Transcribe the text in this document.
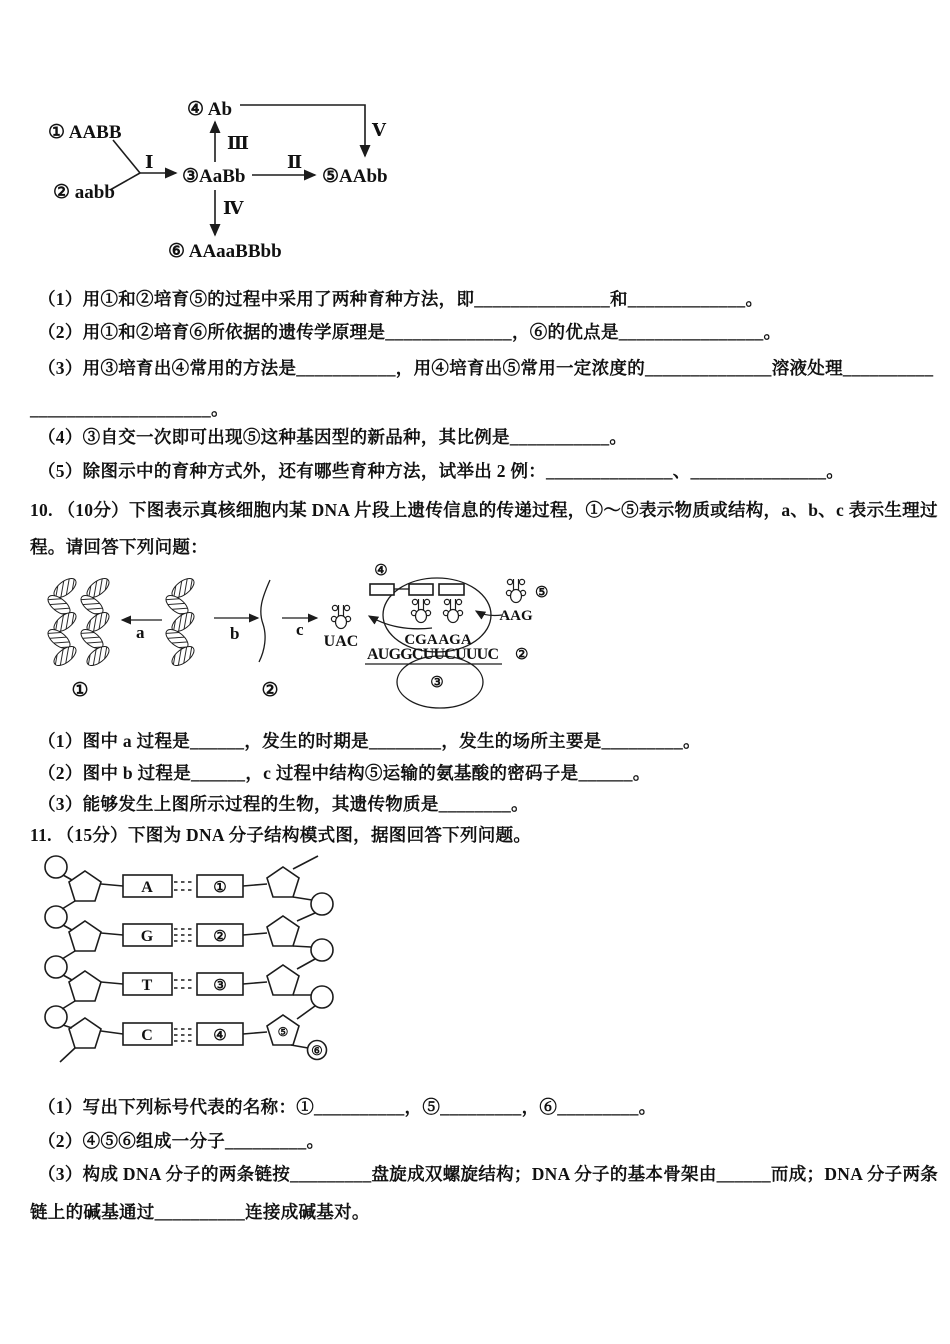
① AABB
② aabb
④ Ab
③AaBb	⑤AAbb
⑥ AAaaBBbb
Ⅰ	Ⅱ
Ⅲ
Ⅳ
Ⅴ
（1）用①和②培育⑤的过程中采用了两种育种方法，即_______________和_____________。
（2）用①和②培育⑥所依据的遗传学原理是______________，⑥的优点是________________。
（3）用③培育出④常用的方法是___________，用④培育出⑤常用一定浓度的______________溶液处理__________
____________________。
（4）③自交一次即可出现⑤这种基因型的新品种，其比例是___________。
（5）除图示中的育种方式外，还有哪些育种方法，试举出 2 例：______________、_______________。
10. （10分）下图表示真核细胞内某 DNA 片段上遗传信息的传递过程，①～⑤表示物质或结构，a、b、c 表示生理过
程。请回答下列问题：
①
a	b
②
c
UAC
④
CGA AGA
⑤
AAG
AUGGCUUCUUUC ②
③
（1）图中 a 过程是______，发生的时期是________，发生的场所主要是_________。
（2）图中 b 过程是______，c 过程中结构⑤运输的氨基酸的密码子是______。
（3）能够发生上图所示过程的生物，其遗传物质是________。
11. （15分）下图为 DNA 分子结构模式图，据图回答下列问题。
A	①
G	②
T	③
C	④	⑤
⑥
（1）写出下列标号代表的名称：①__________，⑤_________，⑥_________。
（2）④⑤⑥组成一分子_________。
（3）构成 DNA 分子的两条链按_________盘旋成双螺旋结构；DNA 分子的基本骨架由______而成；DNA 分子两条
链上的碱基通过__________连接成碱基对。
